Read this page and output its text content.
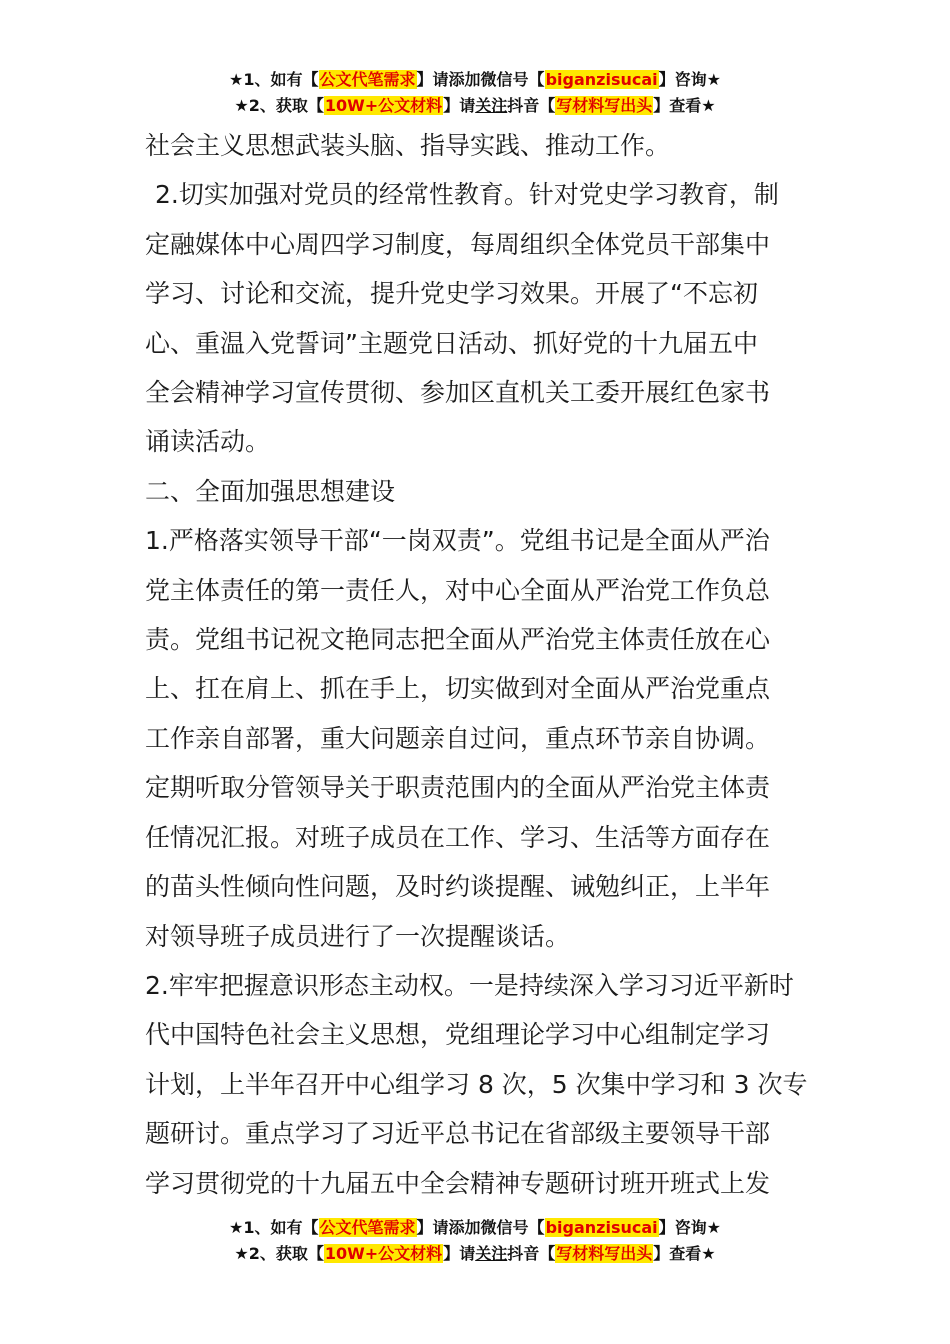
★1、如有【公文代笔需求】请添加微信号【biganzisucai】咨询★
★2、获取【10W+公文材料】请关注抖音【写材料写出头】查看★

社会主义思想武装头脑、指导实践、推动工作。

2.切实加强对党员的经常性教育。针对党史学习教育，制
定融媒体中心周四学习制度，每周组织全体党员干部集中
学习、讨论和交流，提升党史学习效果。开展了“不忘初
心、重温入党誓词”主题党日活动、抓好党的十九届五中
全会精神学习宣传贯彻、参加区直机关工委开展红色家书
诵读活动。

二、全面加强思想建设

1.严格落实领导干部“一岗双责”。党组书记是全面从严治
党主体责任的第一责任人，对中心全面从严治党工作负总
责。党组书记祝文艳同志把全面从严治党主体责任放在心
上、扛在肩上、抓在手上，切实做到对全面从严治党重点
工作亲自部署，重大问题亲自过问，重点环节亲自协调。
定期听取分管领导关于职责范围内的全面从严治党主体责
任情况汇报。对班子成员在工作、学习、生活等方面存在
的苗头性倾向性问题，及时约谈提醒、诫勉纠正，上半年
对领导班子成员进行了一次提醒谈话。

2.牢牢把握意识形态主动权。一是持续深入学习习近平新时
代中国特色社会主义思想，党组理论学习中心组制定学习
计划，上半年召开中心组学习 8 次，5 次集中学习和 3 次专
题研讨。重点学习了习近平总书记在省部级主要领导干部
学习贯彻党的十九届五中全会精神专题研讨班开班式上发

★1、如有【公文代笔需求】请添加微信号【biganzisucai】咨询★
★2、获取【10W+公文材料】请关注抖音【写材料写出头】查看★
